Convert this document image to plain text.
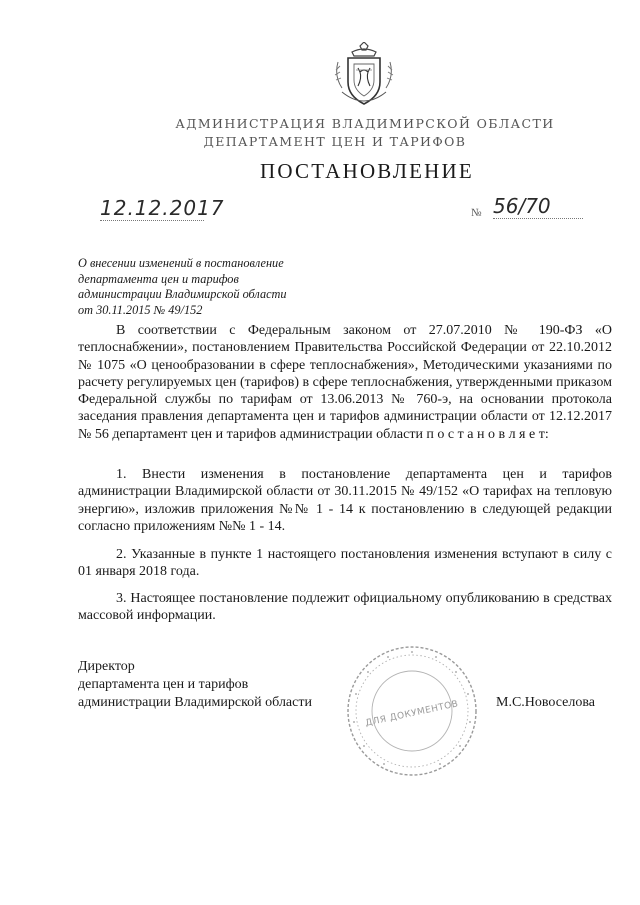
АДМИНИСТРАЦИЯ ВЛАДИМИРСКОЙ ОБЛАСТИ
ДЕПАРТАМЕНТ ЦЕН И ТАРИФОВ
ПОСТАНОВЛЕНИЕ
12.12.2017	№ 56/70
О внесении изменений в постановление
департамента цен и тарифов
администрации Владимирской области
от 30.11.2015 № 49/152
В соответствии с Федеральным законом от 27.07.2010 № 190-ФЗ «О теплоснабжении», постановлением Правительства Российской Федерации от 22.10.2012 № 1075 «О ценообразовании в сфере теплоснабжения», Методическими указаниями по расчету регулируемых цен (тарифов) в сфере теплоснабжения, утвержденными приказом Федеральной службы по тарифам от 13.06.2013 № 760-э, на основании протокола заседания правления департамента цен и тарифов администрации области от 12.12.2017 № 56 департамент цен и тарифов администрации области п о с т а н о в л я е т:
1. Внести изменения в постановление департамента цен и тарифов администрации Владимирской области от 30.11.2015 № 49/152 «О тарифах на тепловую энергию», изложив приложения №№ 1 - 14 к постановлению в следующей редакции согласно приложениям №№ 1 - 14.
2. Указанные в пункте 1 настоящего постановления изменения вступают в силу с 01 января 2018 года.
3. Настоящее постановление подлежит официальному опубликованию в средствах массовой информации.
Директор
департамента цен и тарифов
администрации Владимирской области	ДЛЯ ДОКУМЕНТОВ	М.С.Новоселова
